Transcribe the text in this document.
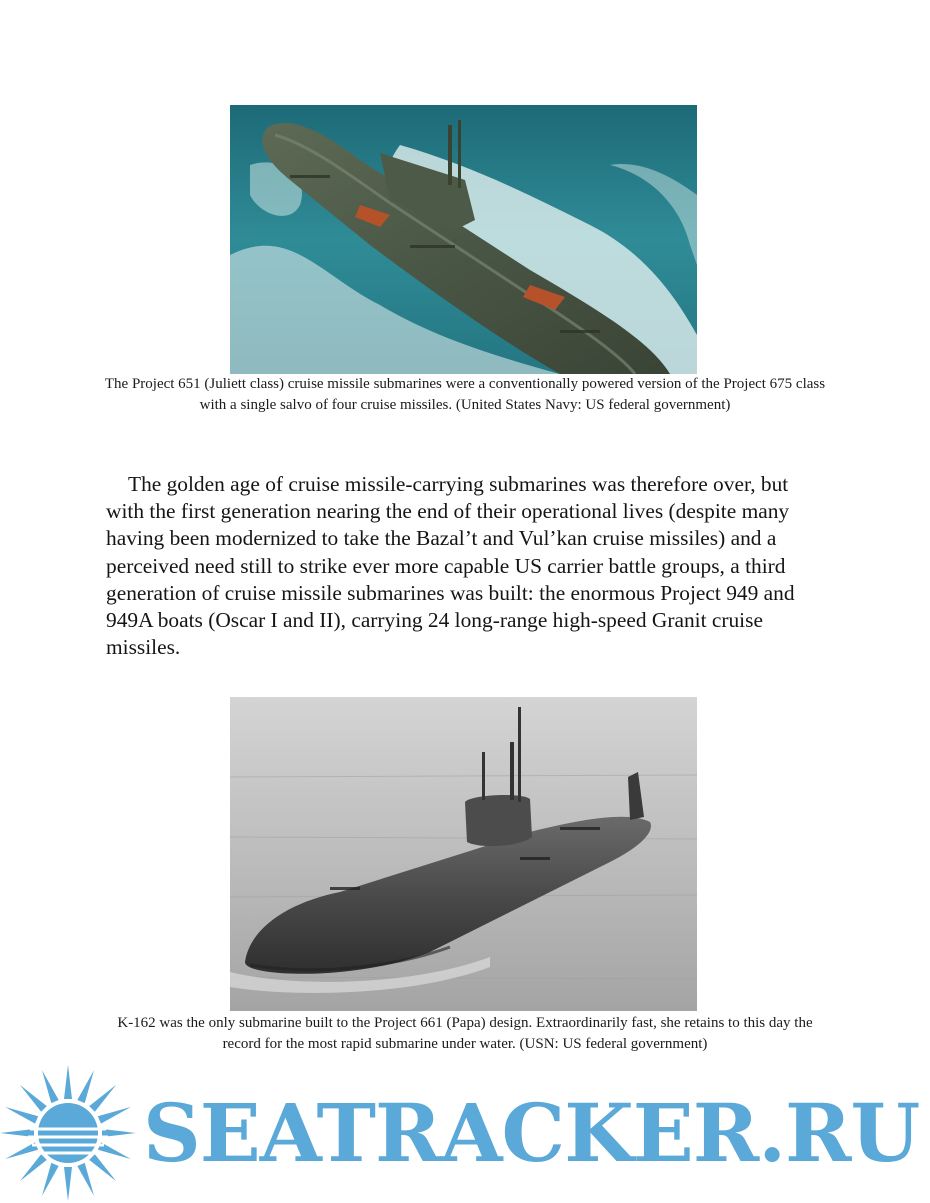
The Project 651 (Juliett class) cruise missile submarines were a conventionally powered version of the Project 675 class with a single salvo of four cruise missiles. (United States Navy: US federal government)

The golden age of cruise missile-carrying submarines was therefore over, but with the first generation nearing the end of their operational lives (despite many having been modernized to take the Bazal’t and Vul’kan cruise missiles) and a perceived need still to strike ever more capable US carrier battle groups, a third generation of cruise missile submarines was built: the enormous Project 949 and 949A boats (Oscar I and II), carrying 24 long-range high-speed Granit cruise missiles.

K-162 was the only submarine built to the Project 661 (Papa) design. Extraordinarily fast, she retains to this day the record for the most rapid submarine under water. (USN: US federal government)
SEATRACKER.RU
